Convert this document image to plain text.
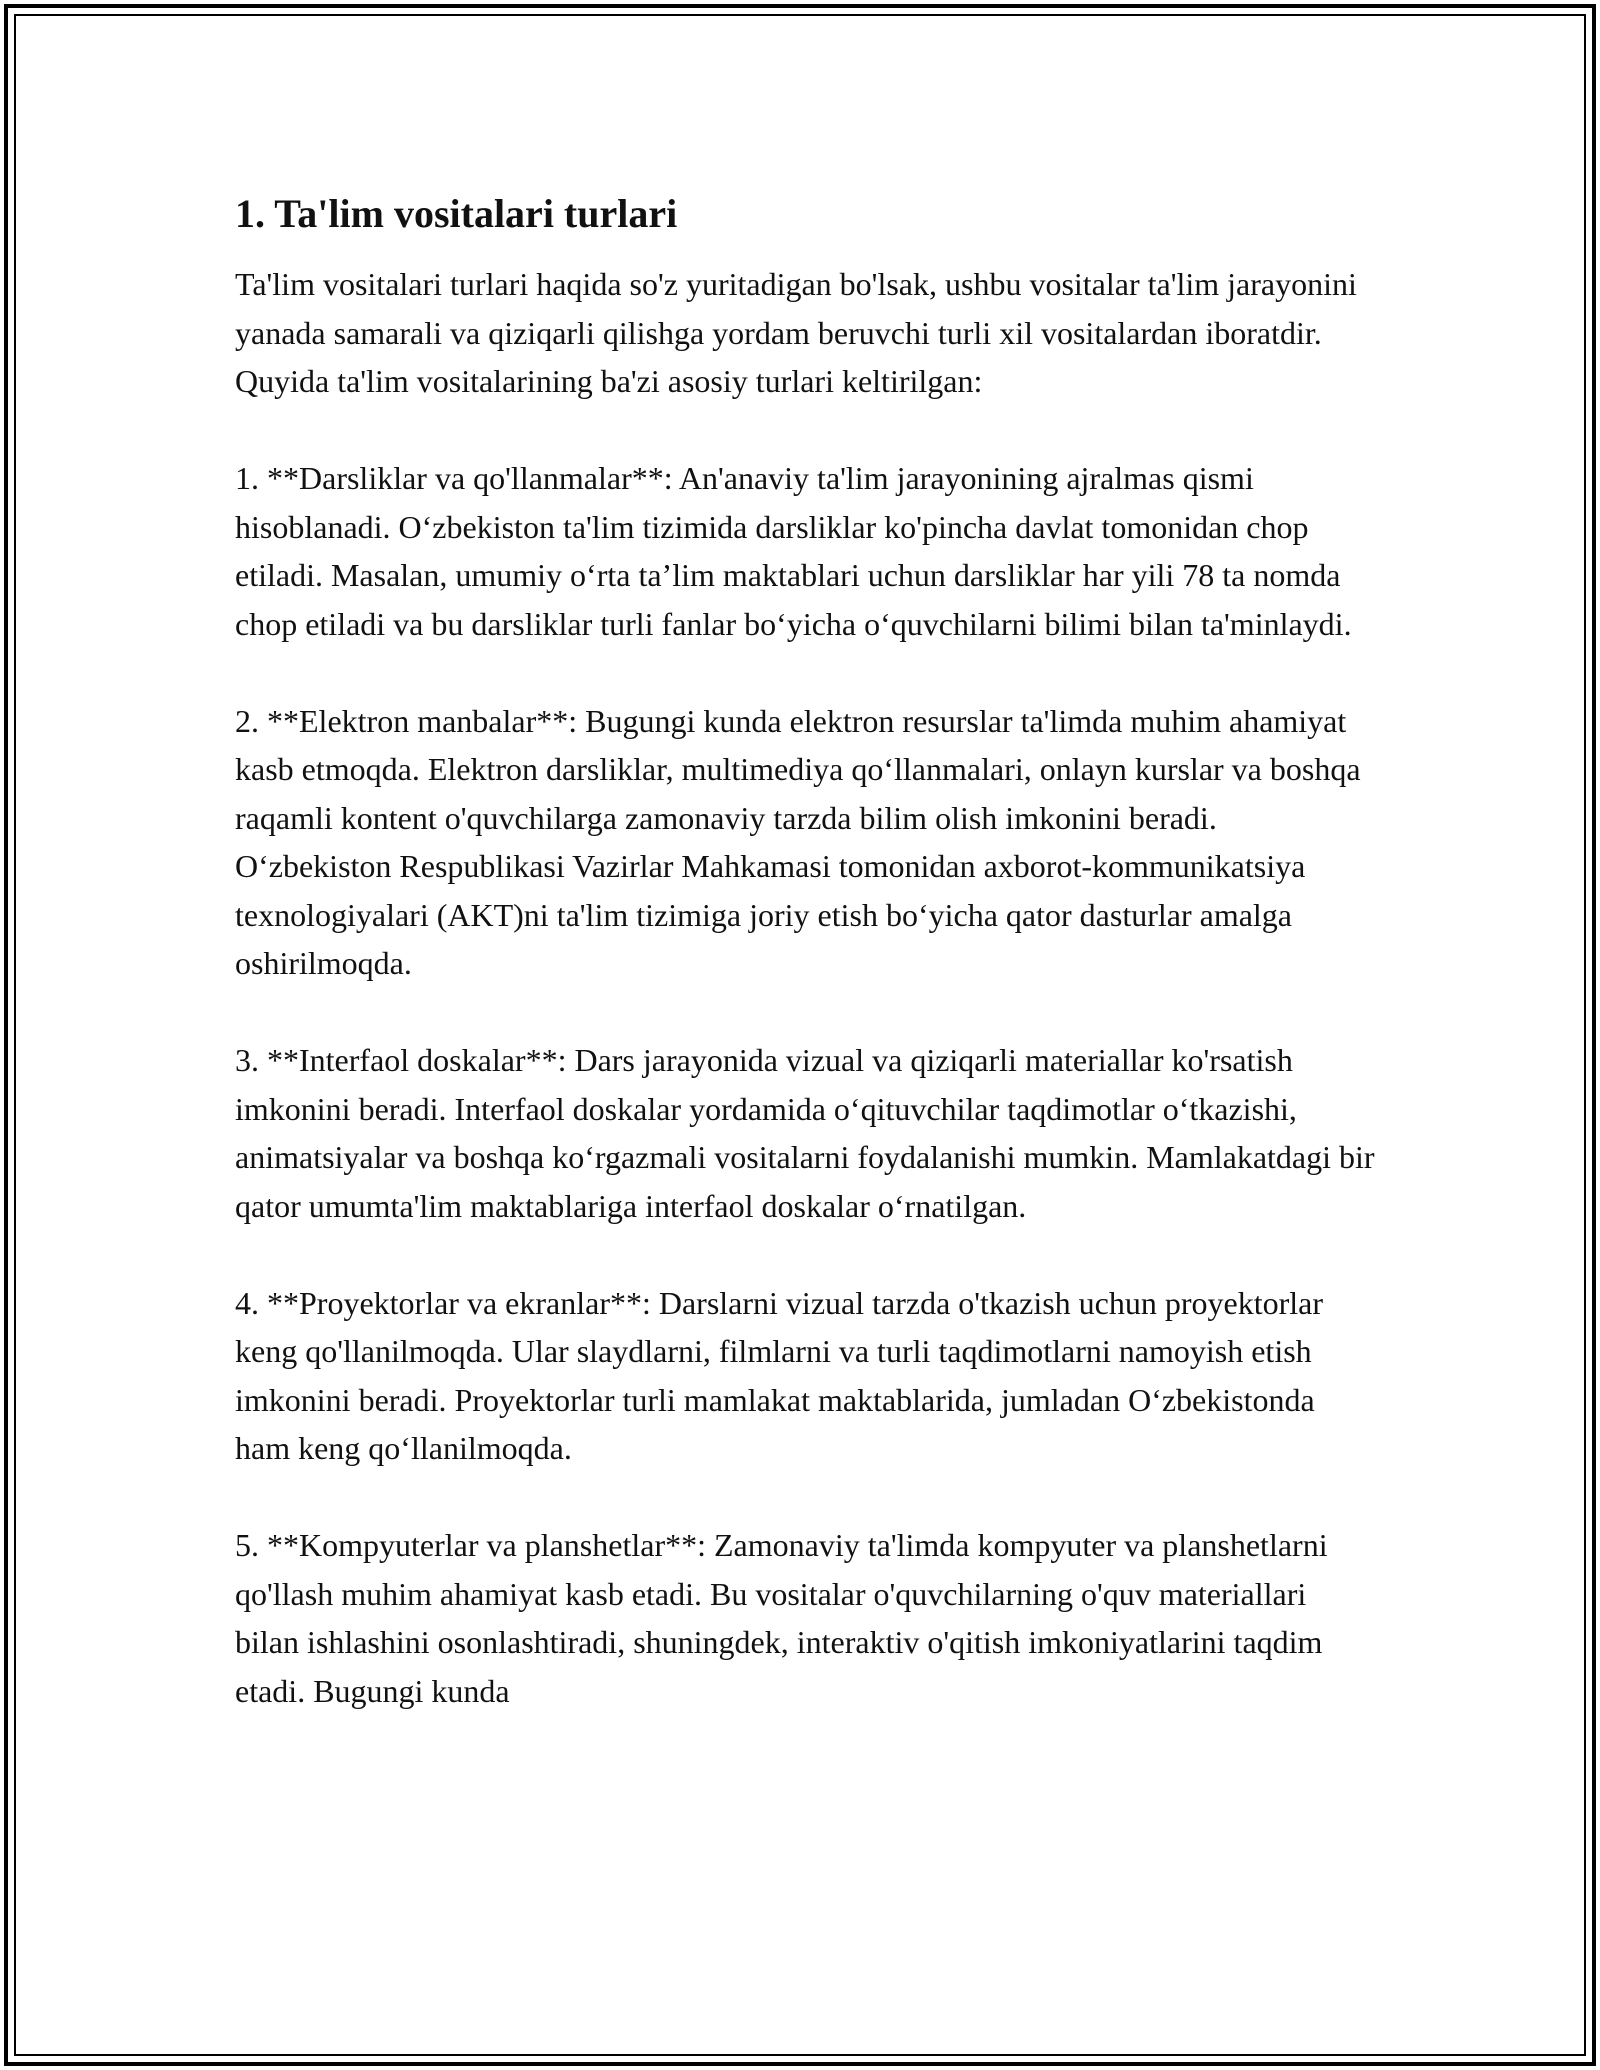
1. Ta'lim vositalari turlari

Ta'lim vositalari turlari haqida so'z yuritadigan bo'lsak, ushbu vositalar ta'lim jarayonini yanada samarali va qiziqarli qilishga yordam beruvchi turli xil vositalardan iboratdir. Quyida ta'lim vositalarining ba'zi asosiy turlari keltirilgan:

1. **Darsliklar va qo'llanmalar**: An'anaviy ta'lim jarayonining ajralmas qismi hisoblanadi. O‘zbekiston ta'lim tizimida darsliklar ko'pincha davlat tomonidan chop etiladi. Masalan, umumiy o‘rta ta’lim maktablari uchun darsliklar har yili 78 ta nomda chop etiladi va bu darsliklar turli fanlar bo‘yicha o‘quvchilarni bilimi bilan ta'minlaydi.

2. **Elektron manbalar**: Bugungi kunda elektron resurslar ta'limda muhim ahamiyat kasb etmoqda. Elektron darsliklar, multimediya qo‘llanmalari, onlayn kurslar va boshqa raqamli kontent o'quvchilarga zamonaviy tarzda bilim olish imkonini beradi. O‘zbekiston Respublikasi Vazirlar Mahkamasi tomonidan axborot-kommunikatsiya texnologiyalari (AKT)ni ta'lim tizimiga joriy etish bo‘yicha qator dasturlar amalga oshirilmoqda.

3. **Interfaol doskalar**: Dars jarayonida vizual va qiziqarli materiallar ko'rsatish imkonini beradi. Interfaol doskalar yordamida o‘qituvchilar taqdimotlar o‘tkazishi, animatsiyalar va boshqa ko‘rgazmali vositalarni foydalanishi mumkin. Mamlakatdagi bir qator umumta'lim maktablariga interfaol doskalar o‘rnatilgan.

4. **Proyektorlar va ekranlar**: Darslarni vizual tarzda o'tkazish uchun proyektorlar keng qo'llanilmoqda. Ular slaydlarni, filmlarni va turli taqdimotlarni namoyish etish imkonini beradi. Proyektorlar turli mamlakat maktablarida, jumladan O‘zbekistonda ham keng qo‘llanilmoqda.

5. **Kompyuterlar va planshetlar**: Zamonaviy ta'limda kompyuter va planshetlarni qo'llash muhim ahamiyat kasb etadi. Bu vositalar o'quvchilarning o'quv materiallari bilan ishlashini osonlashtiradi, shuningdek, interaktiv o'qitish imkoniyatlarini taqdim etadi. Bugungi kunda
